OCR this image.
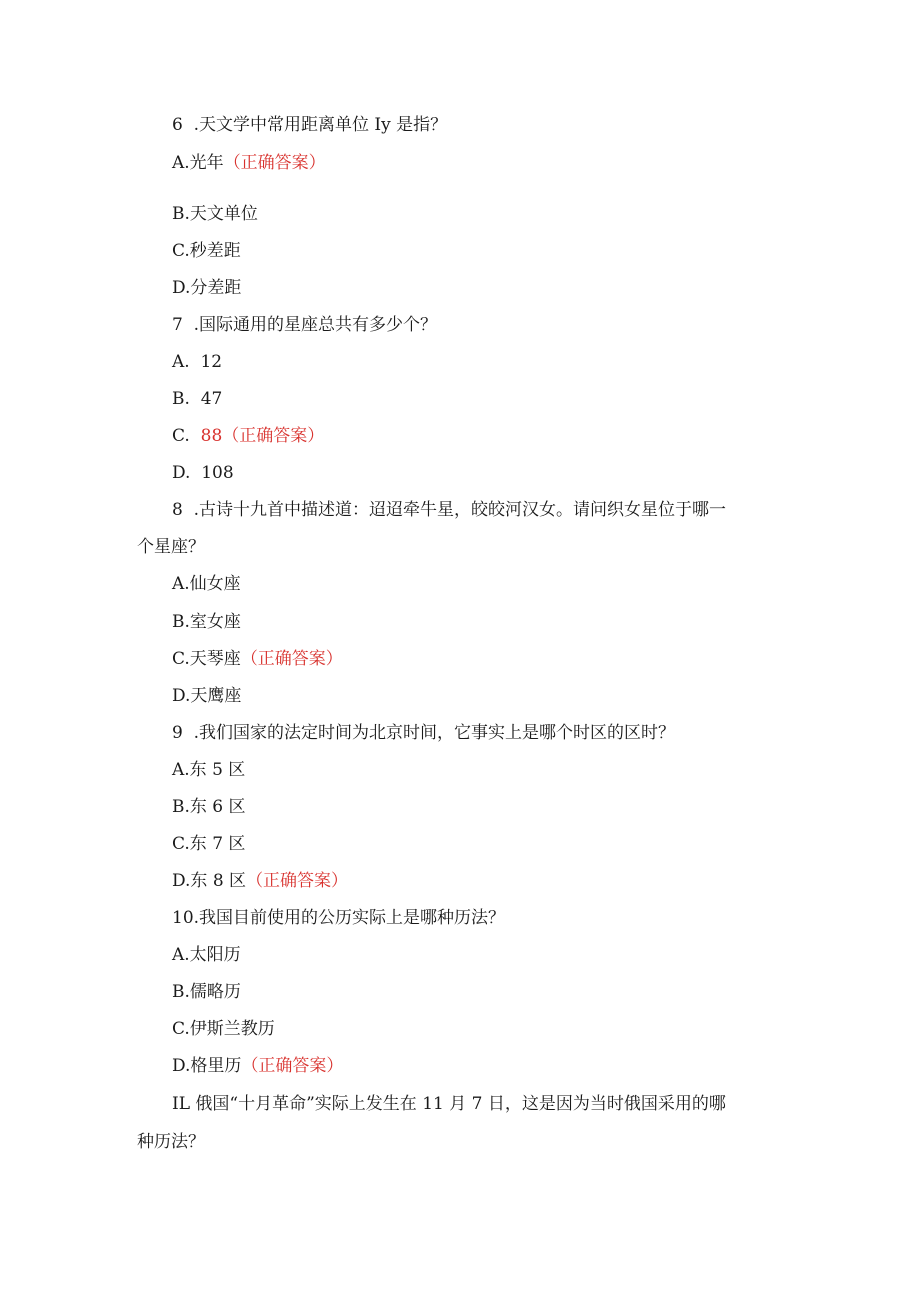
6  .天文学中常用距离单位 Iy 是指？
A.光年（正确答案）
B.天文单位
C.秒差距
D.分差距
7  .国际通用的星座总共有多少个？
A.  12
B.  47
C.  88（正确答案）
D.  108
8  .古诗十九首中描述道：迢迢牵牛星，皎皎河汉女。请问织女星位于哪一
个星座？
A.仙女座
B.室女座
C.天琴座（正确答案）
D.天鹰座
9  .我们国家的法定时间为北京时间，它事实上是哪个时区的区时？
A.东 5 区
B.东 6 区
C.东 7 区
D.东 8 区（正确答案）
10.我国目前使用的公历实际上是哪种历法？
A.太阳历
B.儒略历
C.伊斯兰教历
D.格里历（正确答案）
IL 俄国“十月革命”实际上发生在 11 月 7 日，这是因为当时俄国采用的哪
种历法？
